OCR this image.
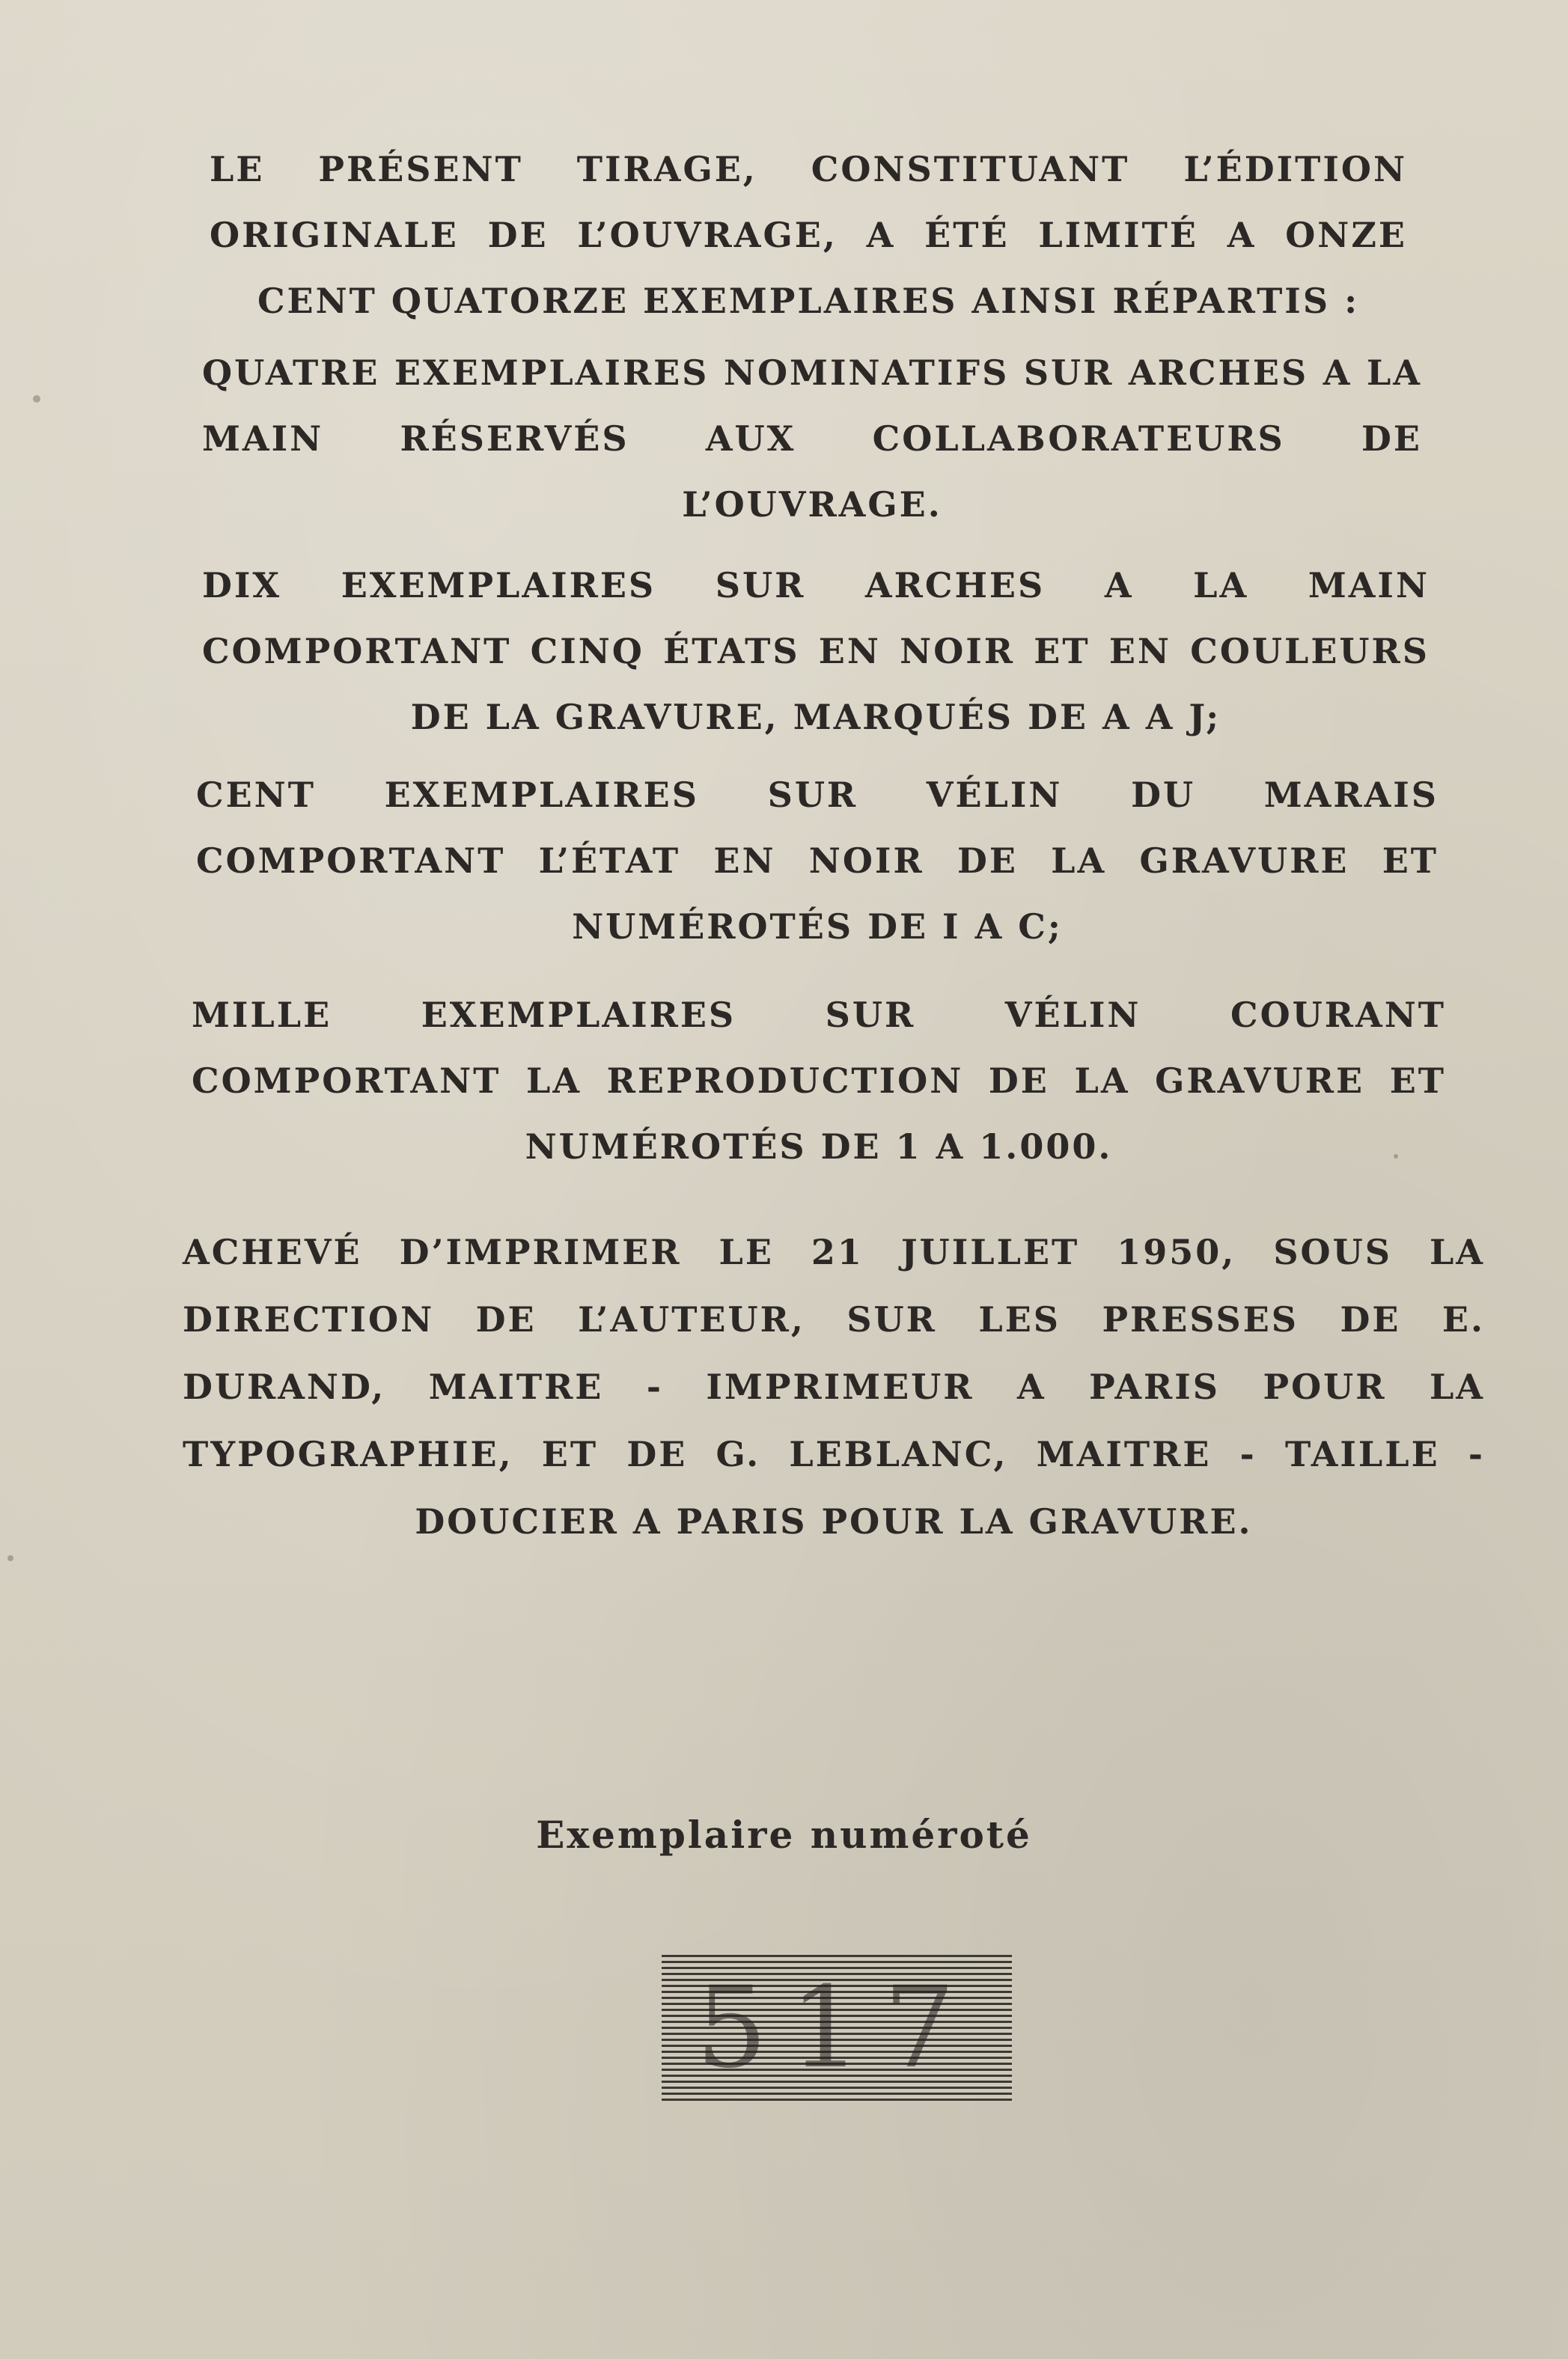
LE PRÉSENT TIRAGE, CONSTITUANT L’ÉDITION ORIGINALE DE L’OUVRAGE, A ÉTÉ LIMITÉ A ONZE CENT QUATORZE EXEMPLAIRES AINSI RÉPARTIS :
QUATRE EXEMPLAIRES NOMINATIFS SUR ARCHES A LA MAIN RÉSERVÉS AUX COLLABORATEURS DE L’OUVRAGE.
DIX EXEMPLAIRES SUR ARCHES A LA MAIN COMPORTANT CINQ ÉTATS EN NOIR ET EN COULEURS DE LA GRAVURE, MARQUÉS DE A A J;
CENT EXEMPLAIRES SUR VÉLIN DU MARAIS COMPORTANT L’ÉTAT EN NOIR DE LA GRAVURE ET NUMÉROTÉS DE I A C;
MILLE EXEMPLAIRES SUR VÉLIN COURANT COMPORTANT LA REPRODUCTION DE LA GRAVURE ET NUMÉROTÉS DE 1 A 1.000.
ACHEVÉ D’IMPRIMER LE 21 JUILLET 1950, SOUS LA DIRECTION DE L’AUTEUR, SUR LES PRESSES DE E. DURAND, MAITRE - IMPRIMEUR A PARIS POUR LA TYPOGRAPHIE, ET DE G. LEBLANC, MAITRE - TAILLE - DOUCIER A PARIS POUR LA GRAVURE.
Exemplaire numéroté
517
